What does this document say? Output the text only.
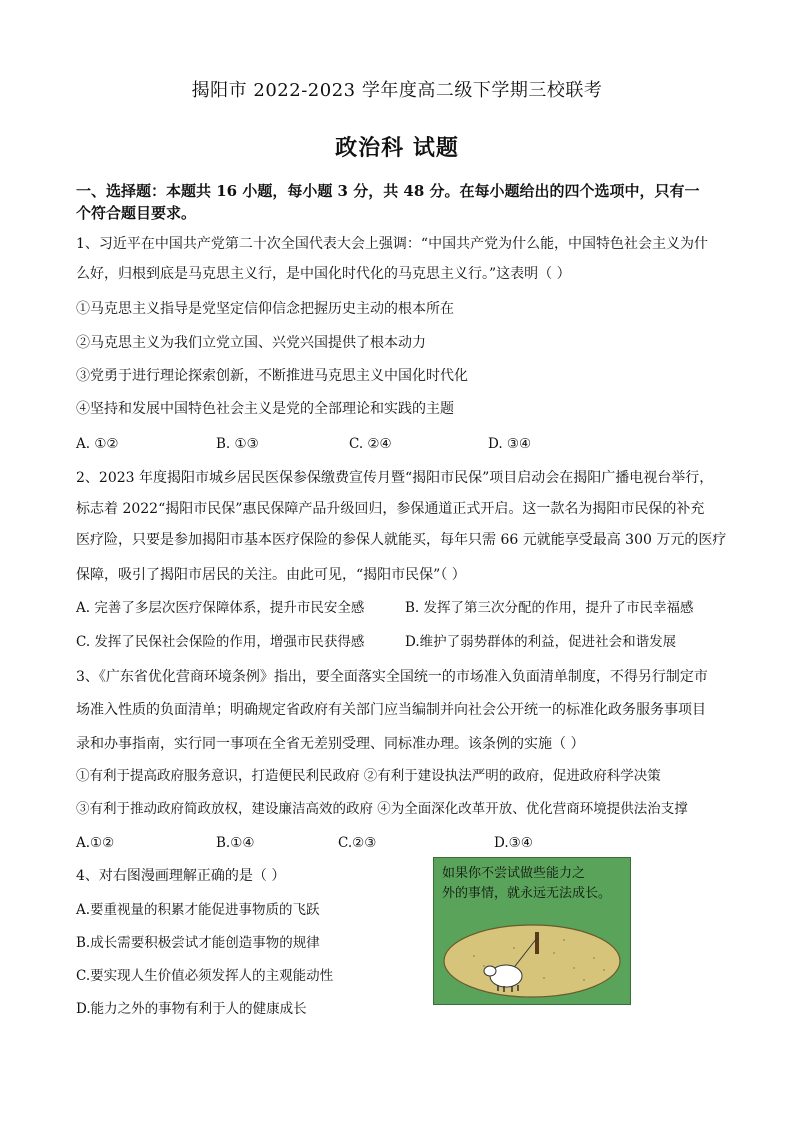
揭阳市 2022-2023 学年度高二级下学期三校联考
政治科 试题
一、选择题：本题共 16 小题，每小题 3 分，共 48 分。在每小题给出的四个选项中，只有一
个符合题目要求。
1、习近平在中国共产党第二十次全国代表大会上强调：“中国共产党为什么能，中国特色社会主义为什
么好，归根到底是马克思主义行，是中国化时代化的马克思主义行。”这表明（ ）
①马克思主义指导是党坚定信仰信念把握历史主动的根本所在
②马克思主义为我们立党立国、兴党兴国提供了根本动力
③党勇于进行理论探索创新，不断推进马克思主义中国化时代化
④坚持和发展中国特色社会主义是党的全部理论和实践的主题
A. ①②	B. ①③	C. ②④	D. ③④
2、2023 年度揭阳市城乡居民医保参保缴费宣传月暨“揭阳市民保”项目启动会在揭阳广播电视台举行，
标志着 2022“揭阳市民保”惠民保障产品升级回归，参保通道正式开启。这一款名为揭阳市民保的补充
医疗险，只要是参加揭阳市基本医疗保险的参保人就能买，每年只需 66 元就能享受最高 300 万元的医疗
保障，吸引了揭阳市居民的关注。由此可见，“揭阳市民保”（ ）
A. 完善了多层次医疗保障体系，提升市民安全感	B. 发挥了第三次分配的作用，提升了市民幸福感
C. 发挥了民保社会保险的作用，增强市民获得感	D.维护了弱势群体的利益，促进社会和谐发展
3、《广东省优化营商环境条例》指出，要全面落实全国统一的市场准入负面清单制度，不得另行制定市
场准入性质的负面清单；明确规定省政府有关部门应当编制并向社会公开统一的标准化政务服务事项目
录和办事指南，实行同一事项在全省无差别受理、同标准办理。该条例的实施（ ）
①有利于提高政府服务意识，打造便民利民政府 ②有利于建设执法严明的政府，促进政府科学决策
③有利于推动政府简政放权，建设廉洁高效的政府 ④为全面深化改革开放、优化营商环境提供法治支撑
A.①②	B.①④	C.②③	D.③④
4、对右图漫画理解正确的是（ ）
A.要重视量的积累才能促进事物质的飞跃
B.成长需要积极尝试才能创造事物的规律
C.要实现人生价值必须发挥人的主观能动性
D.能力之外的事物有利于人的健康成长
如果你不尝试做些能力之
外的事情，就永远无法成长。
